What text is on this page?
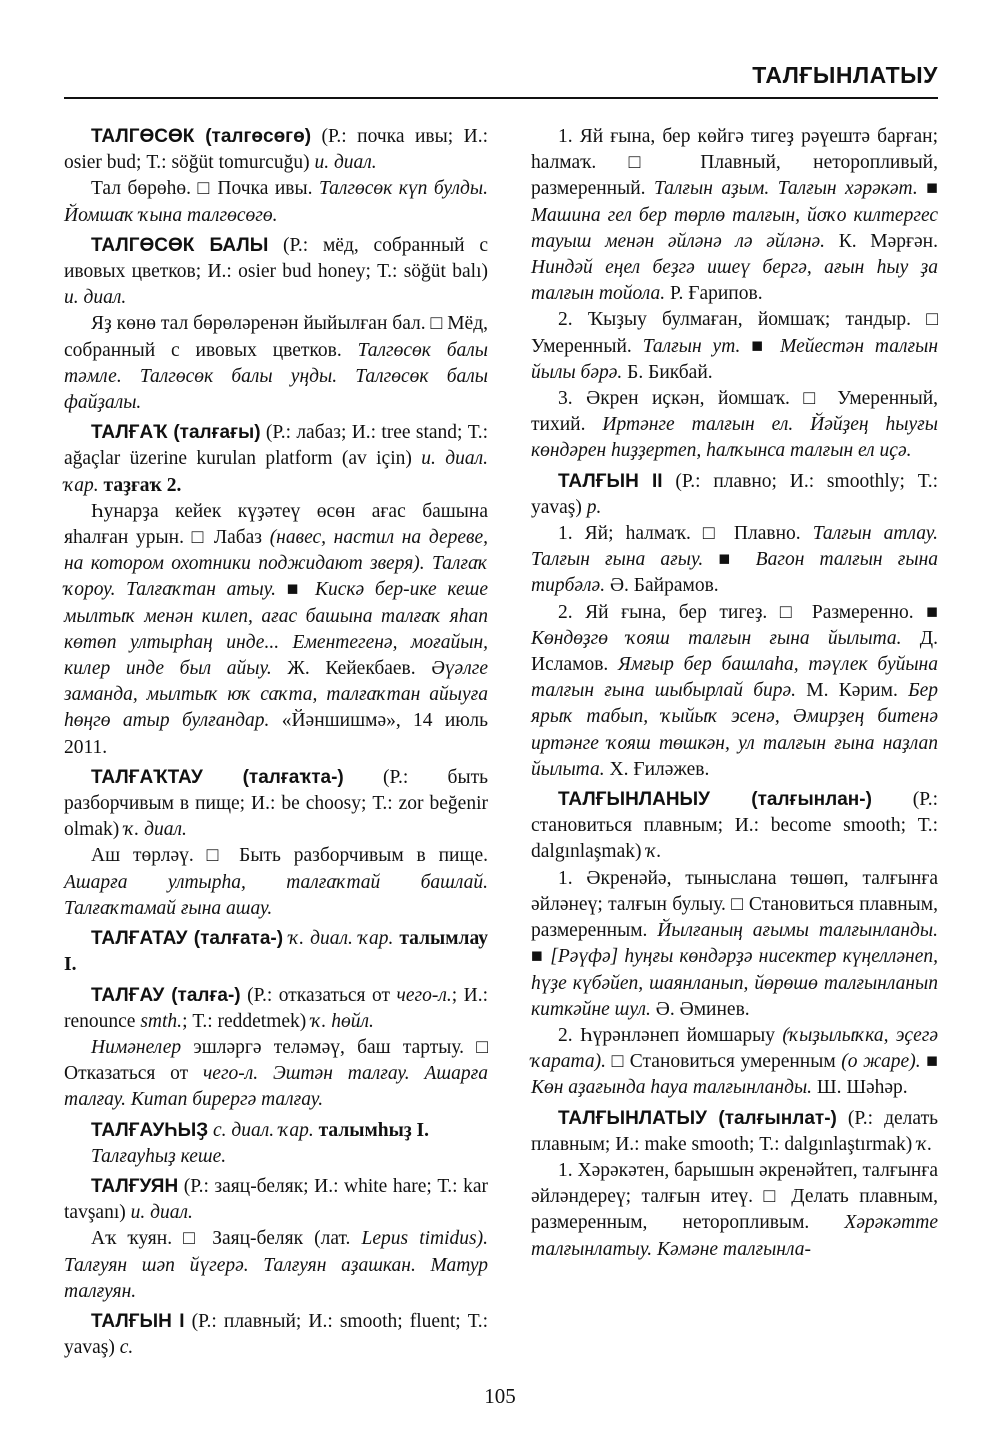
ТАЛҒЫНЛАТЫУ

ТАЛГӨСӨК (талгөсөгө) (Р.: почка ивы; И.: osier bud; Т.: söğüt tomurcuğu) и. диал.

Тал бөрөһө. □ Почка ивы. Талгөсөк күп булды. Йомшаҡ ҡына талгөсөгө.

ТАЛГӨСӨК БАЛЫ (Р.: мёд, собранный с ивовых цветков; И.: osier bud honey; Т.: söğüt balı) и. диал.

Яҙ көнө тал бөрөләренән йыйылған бал. □ Мёд, собранный с ивовых цветков. Талгөсөк балы тәмле. Талгөсөк балы уңды. Талгөсөк балы файҙалы.

ТАЛҒАҠ (талғағы) (Р.: лабаз; И.: tree stand; Т.: ağaçlar üzerine kurulan platform (av için) и. диал. ҡар. таҙғаҡ 2.

Һунарҙа кейек күҙәтеү өсөн ағас башына яһалған урын. □ Лабаз (навес, настил на дереве, на котором охотники поджидают зверя). Талғаҡ ҡороу. Талғаҡтан атыу. ■ Кискә бер-ике кеше мылтыҡ менән килеп, ағас башына талғаҡ яһап көтөп ултырһаң инде... Ементегенә, моғайын, килер инде был айыу. Ж. Кейекбаев. Әүәлге заманда, мылтыҡ юҡ саҡта, талғаҡтан айыуға һөңгө атыр булғандар. «Йәншишмә», 14 июль 2011.

ТАЛҒАҠТАУ (талғаҡта-) (Р.: быть разборчивым в пище; И.: be choosy; Т.: zor beğenir olmak) ҡ. диал.

Аш төрләү. □ Быть разборчивым в пище. Ашарға ултырһа, талғаҡтай башлай. Талғаҡтамай ғына ашау.

ТАЛҒАТАУ (талғата-) ҡ. диал. ҡар. талымлау I.

ТАЛҒАУ (талға-) (Р.: отказаться от чего-л.; И.: renounce smth.; Т.: reddetmek) ҡ. һөйл.

Нимәнелер эшләргә теләмәү, баш тартыу. □ Отказаться от чего-л. Эштән талғау. Ашарға талғау. Китап бирергә талғау.

ТАЛҒАУҺЫҘ с. диал. ҡар. талымһыҙ I.

Талғауһыҙ кеше.

ТАЛҒУЯН (Р.: заяц-беляк; И.: white hare; Т.: kar tavşanı) и. диал.

Аҡ ҡуян. □ Заяц-беляк (лат. Lepus timidus). Талғуян шәп йүгерә. Талғуян аҙашкан. Матур талғуян.

ТАЛҒЫН I (Р.: плавный; И.: smooth; fluent; Т.: yavaş) с.

1. Яй ғына, бер көйгә тигеҙ рәүештә барған; һалмаҡ. □ Плавный, неторопливый, размеренный. Талғын аҙым. Талғын хәрәкәт. ■ Машина гел бер төрлө талғын, йоҡо килтергес тауыш менән әйләнә лә әйләнә. К. Мәрғән. Ниндәй еңел беҙгә ишеү бергә, ағын һыу ҙа талғын тойола. Р. Ғарипов.

2. Ҡыҙыу булмаған, йомшаҡ; тандыр. □ Умеренный. Талғын ут. ■ Мейестән талғын йылы бәрә. Б. Бикбай.

3. Әкрен иҫкән, йомшаҡ. □ Умеренный, тихий. Иртәнге талғын ел. Йәйҙең һыуғы көндәрен һиҙҙертеп, һалҡынса талғын ел иҫә.

ТАЛҒЫН II (Р.: плавно; И.: smoothly; Т.: yavaş) р.

1. Яй; һалмаҡ. □ Плавно. Талғын атлау. Талғын ғына ағыу. ■ Вагон талғын ғына тирбәлә. Ә. Байрамов.

2. Яй ғына, бер тигеҙ. □ Размеренно. ■ Көндөҙгө ҡояш талғын ғына йылыта. Д. Исламов. Ямғыр бер башлаһа, тәүлек буйына талғын ғына шыбырлай бирә. М. Кәрим. Бер ярыҡ табып, ҡыйыҡ эсенә, Әмирҙең битенә иртәнге ҡояш төшкән, ул талғын ғына наҙлап йылыта. Х. Ғиләжев.

ТАЛҒЫНЛАНЫУ (талғынлан-) (Р.: становиться плавным; И.: become smooth; Т.: dalgınlaşmak) ҡ.

1. Әкренәйә, тыныслана төшөп, талғынға әйләнеү; талғын булыу. □ Становиться плавным, размеренным. Йылғаның ағымы талғынланды. ■ [Рәүфә] һуңғы көндәрҙә нисектер күңелләнеп, һүҙе күбәйеп, шаянланып, йөрөшө талғынланып киткәйне шул. Ә. Әминев.

2. Һүрәнләнеп йомшарыу (ҡыҙылыҡка, эҫегә ҡарата). □ Становиться умеренным (о жаре). ■ Көн аҙағында һауа талғынланды. Ш. Шәһәр.

ТАЛҒЫНЛАТЫУ (талғынлат-) (Р.: делать плавным; И.: make smooth; Т.: dalgınlaştırmak) ҡ.

1. Хәрәкәтен, барышын әкренәйтеп, талғынға әйләндереү; талғын итеү. □ Делать плавным, размеренным, неторопливым. Хәрәкәтте талғынлатыу. Кәмәне талғынла-

105
